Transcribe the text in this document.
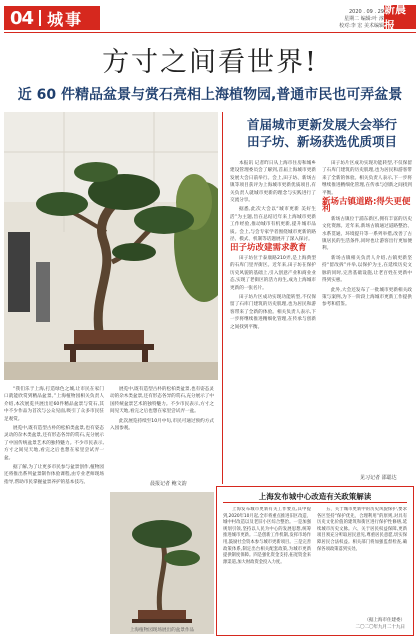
04 城事	2020 . 09 . 29
星期二 编辑:叶 淳
校对:李 宏 美术编辑
新晨报
方寸之间看世界!
近 60 件精品盆景与赏石亮相上海植物园,普通市民也可弄盆景
首届城市更新发展大会举行
田子坊、新场获选优质项目

本报讯 记者昨日从上海市住房和城乡建设管理委员会了解到,首届上海城市更新发展大会日前举行。会上,田子坊、新场古镇等项目获评为上海城市更新优质项目,有关负责人就城市更新的理念与实践进行了交流分享。

据悉,此次大会以“城市更新 美好生活”为主题,旨在总结近年来上海城市更新工作经验,推动城市有机更新,提升城市品质。会上,与会专家学者围绕城市更新的路径、模式、机制等话题展开了深入探讨。

田子坊改建需求教育

田子坊位于泰康路210弄,是上海典型的石库门里弄街区。近年来,田子坊在保护历史风貌的基础上,引入创意产业和商业业态,实现了老街区的活力再生,成为上海城市更新的一张名片。

田子坊片区成功实现功能转型,不仅保留了石库门建筑的历史肌理,也为居民和游客带来了全新的体验。相关负责人表示,下一步将继续推进精细化管理,在传承与创新之间找到平衡。

田子坊片区成功实现功能转型,不仅保留了石库门建筑的历史肌理,也为居民和游客带来了全新的体验。相关负责人表示,下一步将继续推进精细化管理,在传承与创新之间找到平衡。

新场古镇道路:得失更便利

新场古镇位于浦东新区,拥有丰富的历史文化资源。近年来,新场古镇通过道路整治、水系贯通、环境提升等一系列举措,改善了古镇居民的生活条件,同时也让游客出行更加便利。

新场古镇相关负责人介绍,古镇更新坚持“留改拆”并举,以保护为主,在延续历史文脉的同时,完善基础设施,让老百姓在更新中得到实惠。

此外,大会还发布了一批城市更新相关政策与案例,为下一阶段上海城市更新工作提供参考和借鉴。

见习记者 邵聪达

“我们乐于上海,打造绿色之城,让市民在家门口就能欣赏到精品盆景。”上海植物园相关负责人介绍,本次展览共展出近60件精品盆景与赏石,其中不少作品为首次与公众见面,吸引了众多市民驻足观赏。

展览中,既有造型古朴的松柏类盆景,也有姿态灵动的杂木类盆景,还有形态各异的赏石,充分展示了中国传统盆景艺术的独特魅力。不少市民表示,方寸之间见天地,看完之后也想在家里尝试弄一盆。

据了解,为了让更多市民参与盆景创作,植物园还将推出系列盆景制作体验课程,由专业老师现场指导,帮助市民掌握盆景养护的基本技巧。

展览中,既有造型古朴的松柏类盆景,也有姿态灵动的杂木类盆景,还有形态各异的赏石,充分展示了中国传统盆景艺术的独特魅力。不少市民表示,方寸之间见天地,看完之后也想在家里尝试弄一盆。

此次展览持续至10月中旬,市民可通过预约方式入园参观。

晨报记者 鲍文韵
上海植物园现场展出的盆景作品
上海发布城中心改造有关政策解读

上海发布城市更新有关工作要点,其中提到,2020年10月起,全市将重点推进旧区改造、城中村改造以及老旧小区综合整治。一是加强规划引领,坚持以人民为中心的发展思想,统筹推进城市更新。二是创新工作机制,发挥市场作用,鼓励社会资本参与城市更新项目。三是完善政策体系,制定出台相关配套政策,为城市更新提供制度保障。四是强化资金支持,拓宽资金来源渠道,加大财政资金投入力度。

五、关于城市更新中的历史风貌保护,要求各区坚持“保护优先、合理利用”的原则,对具有历史文化价值的建筑和街区进行保护性修缮,延续城市历史文脉。六、关于居民权益保障,更新项目须充分听取居民意见,尊重居民意愿,切实保障居民合法权益。相关部门将加强监督检查,确保各项政策落到实处。

（据上海市住建委）
二〇二〇年九月二十九日
